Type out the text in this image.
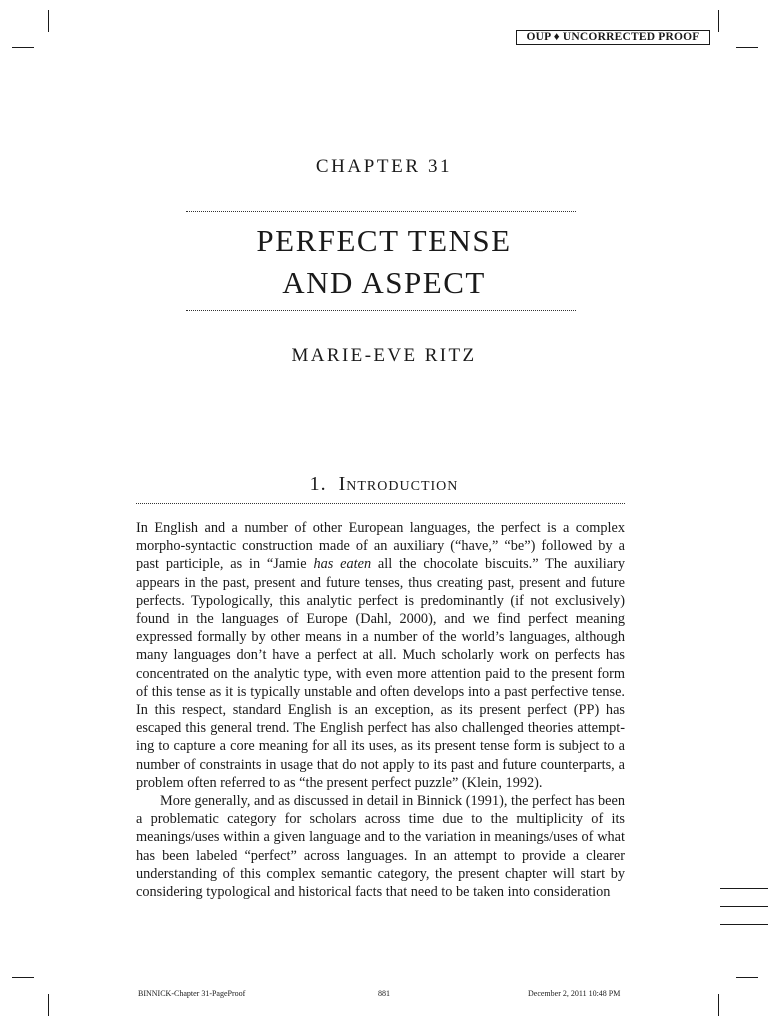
OUP ♦ UNCORRECTED PROOF
CHAPTER 31
PERFECT TENSE
AND ASPECT
MARIE-EVE RITZ
1. Introduction

In English and a number of other European languages, the perfect is a complex morpho-syntactic construction made of an auxiliary (“have,” “be”) followed by a past participle, as in “Jamie has eaten all the chocolate biscuits.” The auxiliary appears in the past, present and future tenses, thus creating past, present and future perfects. Typologically, this analytic perfect is predominantly (if not exclusively) found in the languages of Europe (Dahl, 2000), and we find perfect meaning expressed formally by other means in a number of the world’s languages, although many languages don’t have a perfect at all. Much scholarly work on perfects has concentrated on the analytic type, with even more attention paid to the present form of this tense as it is typically unstable and often develops into a past perfective tense. In this respect, standard English is an exception, as its present perfect (PP) has escaped this general trend. The English perfect has also challenged theories attempt-ing to capture a core meaning for all its uses, as its present tense form is subject to a number of constraints in usage that do not apply to its past and future counterparts, a problem often referred to as “the present perfect puzzle” (Klein, 1992).

More generally, and as discussed in detail in Binnick (1991), the perfect has been a problematic category for scholars across time due to the multiplicity of its meanings/uses within a given language and to the variation in meanings/uses of what has been labeled “perfect” across languages. In an attempt to provide a clearer understanding of this complex semantic category, the present chapter will start by considering typological and historical facts that need to be taken into consideration

BINNICK-Chapter 31-PageProof	881	December 2, 2011 10:48 PM
